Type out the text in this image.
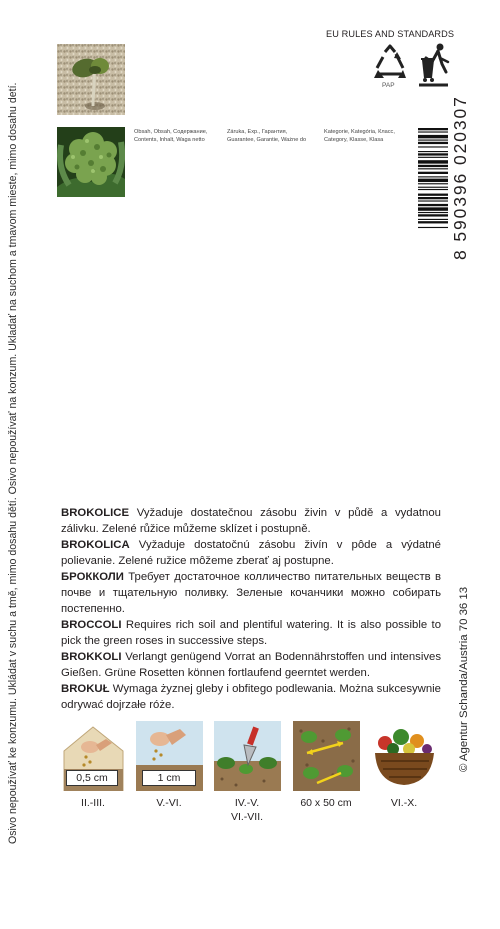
Osivo nepoužívať ke konzumu. Ukládat v suchu a tmě, mimo dosahu dětí. Osivo nepoužívať na konzum. Ukladať na suchom a tmavom mieste, mimo dosahu detí.	© Agentur Schanda/Austria 70 36 13
EU RULES AND STANDARDS
PAP
Obsah, Obsah, Содержание,
Contents, Inhalt, Waga netto
Záruka, Exp., Гарантия,
Guarantee, Garantie, Ważne do
Kategorie, Kategória, Класс,
Category, Klasse, Klasa	8 590396 020307

BROKOLICE Vyžaduje dostatečnou zásobu živin v půdě a vydatnou zálivku. Zelené růžice můžeme sklízet i postupně.

BROKOLICA Vyžaduje dostatočnú zásobu živín v pôde a výdatné polievanie. Zelené ružice môžeme zberať aj postupne.

БРОККОЛИ Требует достаточное колличество питательных веществ в почве и тщательную поливку. Зеленые кочанчики можно собирать постепенно.

BROCCOLI Requires rich soil and plentiful watering. It is also possible to pick the green roses in successive steps.

BROKKOLI Verlangt genügend Vorrat an Bodennährstoffen und intensives Gießen. Grüne Rosetten können fortlaufend geerntet werden.

BROKUŁ Wymaga żyznej gleby i obfitego podlewania. Można sukcesywnie odrywać dojrzałe róże.

0,5 cm
II.-III.
1 cm
V.-VI.	IV.-V.
VI.-VII.
60 x 50 cm	VI.-X.
